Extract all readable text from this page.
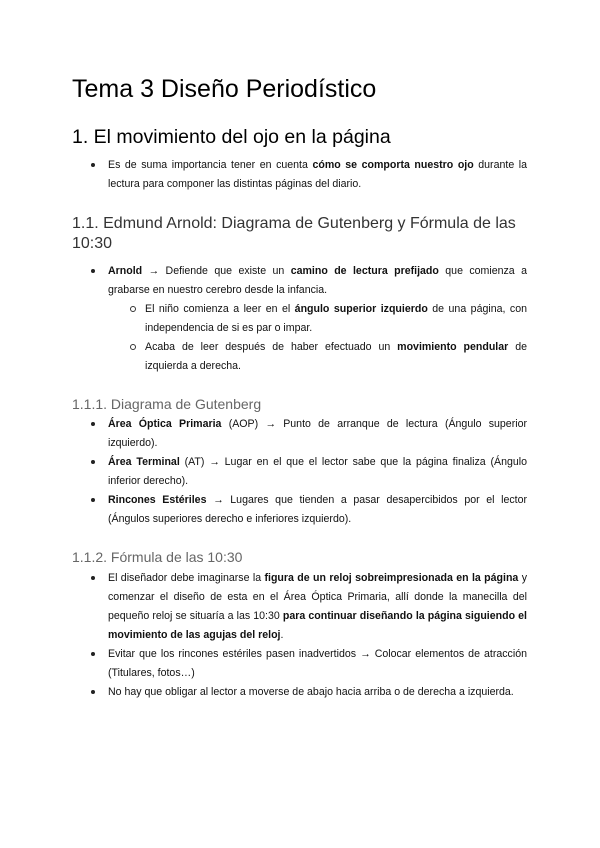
Tema 3 Diseño Periodístico
1. El movimiento del ojo en la página
Es de suma importancia tener en cuenta cómo se comporta nuestro ojo durante la lectura para componer las distintas páginas del diario.
1.1. Edmund Arnold: Diagrama de Gutenberg y Fórmula de las 10:30
Arnold → Defiende que existe un camino de lectura prefijado que comienza a grabarse en nuestro cerebro desde la infancia.
El niño comienza a leer en el ángulo superior izquierdo de una página, con independencia de si es par o impar.
Acaba de leer después de haber efectuado un movimiento pendular de izquierda a derecha.
1.1.1. Diagrama de Gutenberg
Área Óptica Primaria (AOP) → Punto de arranque de lectura (Ángulo superior izquierdo).
Área Terminal (AT) → Lugar en el que el lector sabe que la página finaliza (Ángulo inferior derecho).
Rincones Estériles → Lugares que tienden a pasar desapercibidos por el lector (Ángulos superiores derecho e inferiores izquierdo).
1.1.2. Fórmula de las 10:30
El diseñador debe imaginarse la figura de un reloj sobreimpresionada en la página y comenzar el diseño de esta en el Área Óptica Primaria, allí donde la manecilla del pequeño reloj se situaría a las 10:30 para continuar diseñando la página siguiendo el movimiento de las agujas del reloj.
Evitar que los rincones estériles pasen inadvertidos → Colocar elementos de atracción (Titulares, fotos…)
No hay que obligar al lector a moverse de abajo hacia arriba o de derecha a izquierda.
